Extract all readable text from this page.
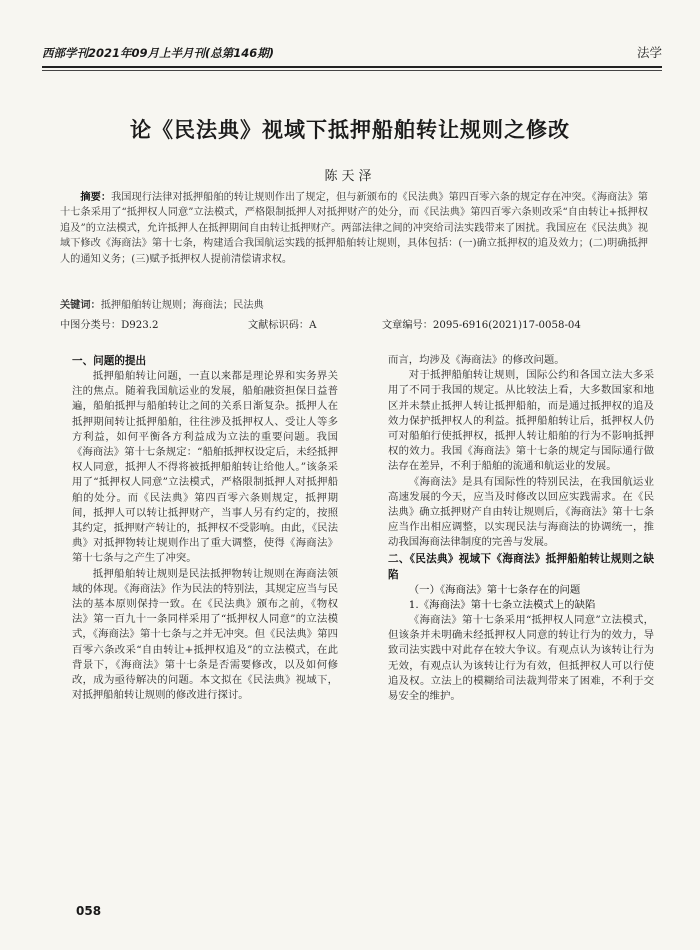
西部学刊2021年09月上半月刊(总第146期)	法学
论《民法典》视域下抵押船舶转让规则之修改
陈天泽
摘要：我国现行法律对抵押船舶的转让规则作出了规定，但与新颁布的《民法典》第四百零六条的规定存在冲突。《海商法》第十七条采用了“抵押权人同意”立法模式，严格限制抵押人对抵押财产的处分，而《民法典》第四百零六条则改采“自由转让+抵押权追及”的立法模式，允许抵押人在抵押期间自由转让抵押财产。两部法律之间的冲突给司法实践带来了困扰。我国应在《民法典》视域下修改《海商法》第十七条，构建适合我国航运实践的抵押船舶转让规则，具体包括：(一)确立抵押权的追及效力；(二)明确抵押人的通知义务；(三)赋予抵押权人提前清偿请求权。
关键词：抵押船舶转让规则；海商法；民法典
中图分类号：D923.2	文献标识码：A	文章编号：2095-6916(2021)17-0058-04
一、问题的提出

抵押船舶转让问题，一直以来都是理论界和实务界关注的焦点。随着我国航运业的发展，船舶融资担保日益普遍，船舶抵押与船舶转让之间的关系日渐复杂。抵押人在抵押期间转让抵押船舶，往往涉及抵押权人、受让人等多方利益，如何平衡各方利益成为立法的重要问题。我国《海商法》第十七条规定：“船舶抵押权设定后，未经抵押权人同意，抵押人不得将被抵押船舶转让给他人。”该条采用了“抵押权人同意”立法模式，严格限制抵押人对抵押船舶的处分。而《民法典》第四百零六条则规定，抵押期间，抵押人可以转让抵押财产，当事人另有约定的，按照其约定，抵押财产转让的，抵押权不受影响。由此，《民法典》对抵押物转让规则作出了重大调整，使得《海商法》第十七条与之产生了冲突。

抵押船舶转让规则是民法抵押物转让规则在海商法领域的体现。《海商法》作为民法的特别法，其规定应当与民法的基本原则保持一致。在《民法典》颁布之前，《物权法》第一百九十一条同样采用了“抵押权人同意”的立法模式，《海商法》第十七条与之并无冲突。但《民法典》第四百零六条改采“自由转让+抵押权追及”的立法模式，在此背景下，《海商法》第十七条是否需要修改，以及如何修改，成为亟待解决的问题。本文拟在《民法典》视域下，对抵押船舶转让规则的修改进行探讨。

而言，均涉及《海商法》的修改问题。

对于抵押船舶转让规则，国际公约和各国立法大多采用了不同于我国的规定。从比较法上看，大多数国家和地区并未禁止抵押人转让抵押船舶，而是通过抵押权的追及效力保护抵押权人的利益。抵押船舶转让后，抵押权人仍可对船舶行使抵押权，抵押人转让船舶的行为不影响抵押权的效力。我国《海商法》第十七条的规定与国际通行做法存在差异，不利于船舶的流通和航运业的发展。

《海商法》是具有国际性的特别民法，在我国航运业高速发展的今天，应当及时修改以回应实践需求。在《民法典》确立抵押财产自由转让规则后，《海商法》第十七条应当作出相应调整，以实现民法与海商法的协调统一，推动我国海商法律制度的完善与发展。

二、《民法典》视域下《海商法》抵押船舶转让规则之缺陷
（一）《海商法》第十七条存在的问题
1.《海商法》第十七条立法模式上的缺陷

《海商法》第十七条采用“抵押权人同意”立法模式，但该条并未明确未经抵押权人同意的转让行为的效力，导致司法实践中对此存在较大争议。有观点认为该转让行为无效，有观点认为该转让行为有效，但抵押权人可以行使追及权。立法上的模糊给司法裁判带来了困难，不利于交易安全的维护。

058
